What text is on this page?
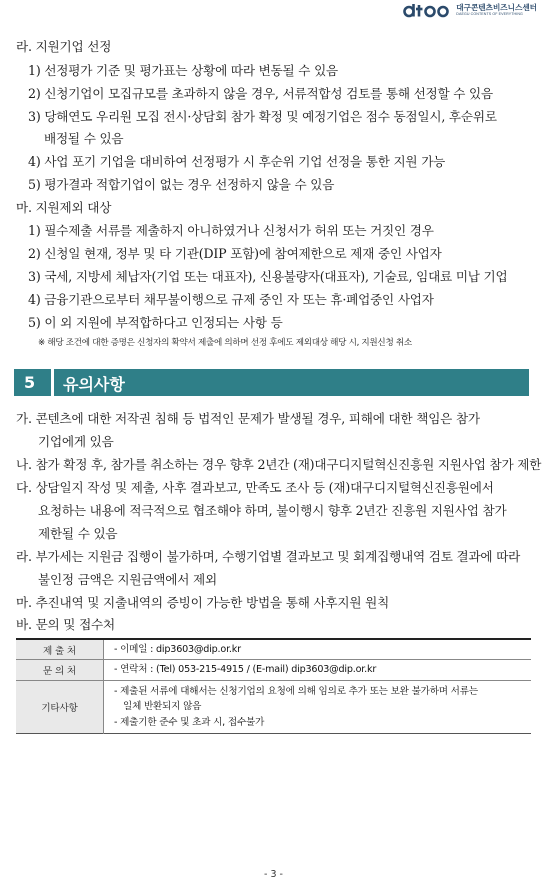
대구콘텐츠비즈니스센터
DAEGU CONTENTS OF EVERYTHING
라. 지원기업 선정
1) 선정평가 기준 및 평가표는 상황에 따라 변동될 수 있음
2) 신청기업이 모집규모를 초과하지 않을 경우, 서류적합성 검토를 통해 선정할 수 있음
3) 당해연도 우리원 모집 전시·상담회 참가 확정 및 예정기업은 점수 동점일시, 후순위로
배정될 수 있음
4) 사업 포기 기업을 대비하여 선정평가 시 후순위 기업 선정을 통한 지원 가능
5) 평가결과 적합기업이 없는 경우 선정하지 않을 수 있음
마. 지원제외 대상
1) 필수제출 서류를 제출하지 아니하였거나 신청서가 허위 또는 거짓인 경우
2) 신청일 현재, 정부 및 타 기관(DIP 포함)에 참여제한으로 제재 중인 사업자
3) 국세, 지방세 체납자(기업 또는 대표자), 신용불량자(대표자), 기술료, 임대료 미납 기업
4) 금융기관으로부터 채무불이행으로 규제 중인 자 또는 휴·폐업중인 사업자
5) 이 외 지원에 부적합하다고 인정되는 사항 등
※ 해당 조건에 대한 증명은 신청자의 확약서 제출에 의하며 선정 후에도 제외대상 해당 시, 지원신청 취소
5 유의사항
가. 콘텐츠에 대한 저작권 침해 등 법적인 문제가 발생될 경우, 피해에 대한 책임은 참가
기업에게 있음
나. 참가 확정 후, 참가를 취소하는 경우 향후 2년간 (재)대구디지털혁신진흥원 지원사업 참가 제한
다. 상담일지 작성 및 제출, 사후 결과보고, 만족도 조사 등 (재)대구디지털혁신진흥원에서
요청하는 내용에 적극적으로 협조해야 하며, 불이행시 향후 2년간 진흥원 지원사업 참가
제한될 수 있음
라. 부가세는 지원금 집행이 불가하며, 수행기업별 결과보고 및 회계집행내역 검토 결과에 따라
불인정 금액은 지원금액에서 제외
마. 추진내역 및 지출내역의 증빙이 가능한 방법을 통해 사후지원 원칙
바. 문의 및 접수처
제 출 처	- 이메일 : dip3603@dip.or.kr

문 의 처	- 연락처 : (Tel) 053-215-4915 / (E-mail) dip3603@dip.or.kr

기타사항	- 제출된 서류에 대해서는 신청기업의 요청에 의해 임의로 추가 또는 보완 불가하며 서류는
일체 반환되지 않음
- 제출기한 준수 및 초과 시, 접수불가
- 3 -
